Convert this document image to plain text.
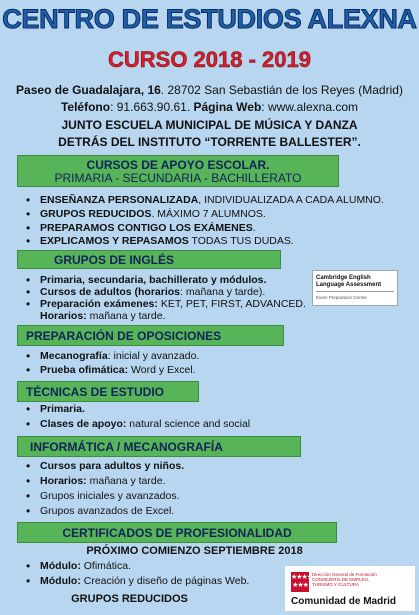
CENTRO DE ESTUDIOS ALEXNA
CURSO 2018 - 2019
Paseo de Guadalajara, 16. 28702 San Sebastián de los Reyes (Madrid)
Teléfono: 91.663.90.61. Página Web: www.alexna.com
JUNTO ESCUELA MUNICIPAL DE MÚSICA Y DANZA
DETRÁS DEL INSTITUTO “TORRENTE BALLESTER”.
CURSOS DE APOYO ESCOLAR.
PRIMARIA - SECUNDARIA - BACHILLERATO
• ENSEÑANZA PERSONALIZADA, INDIVIDUALIZADA A CADA ALUMNO.
• GRUPOS REDUCIDOS. MÁXIMO 7 ALUMNOS.
• PREPARAMOS CONTIGO LOS EXÁMENES.
• EXPLICAMOS Y REPASAMOS TODAS TUS DUDAS.
GRUPOS DE INGLÉS
• Primaria, secundaria, bachillerato y módulos.
• Cursos de adultos (horarios: mañana y tarde).
• Preparación exámenes: KET, PET, FIRST, ADVANCED.
Horarios: mañana y tarde.
Cambridge English
Language Assessment
Exam Preparation Centre
PREPARACIÓN DE OPOSICIONES
• Mecanografía: inicial y avanzado.
• Prueba ofimática: Word y Excel.
TÉCNICAS DE ESTUDIO
• Primaria.
• Clases de apoyo: natural science and social
INFORMÁTICA / MECANOGRAFÍA
• Cursos para adultos y niños.
• Horarios: mañana y tarde.
• Grupos iniciales y avanzados.
• Grupos avanzados de Excel.
CERTIFICADOS DE PROFESIONALIDAD
PRÓXIMO COMIENZO SEPTIEMBRE 2018
• Módulo: Ofimática.
• Módulo: Creación y diseño de páginas Web.
GRUPOS REDUCIDOS
★★★★
★★★
Dirección General de Formación
CONSEJERÍA DE EMPLEO,
TURISMO Y CULTURA
Comunidad de Madrid
